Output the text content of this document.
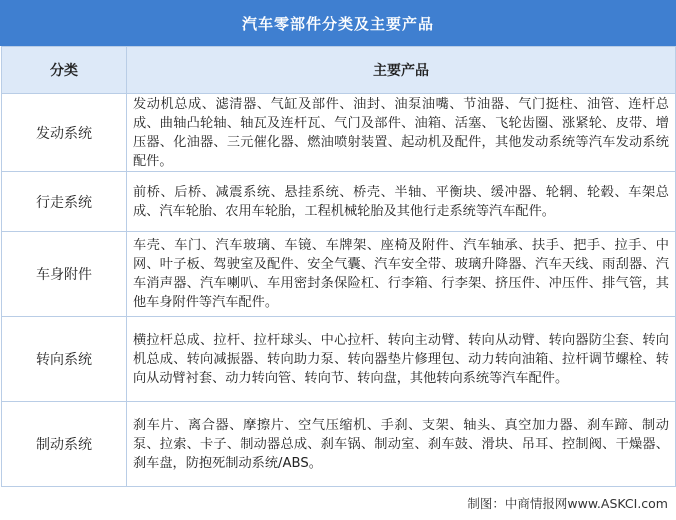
汽车零部件分类及主要产品
分类	主要产品
发动系统	发动机总成、滤清器、气缸及部件、油封、油泵油嘴、节油器、气门挺柱、油管、连杆总成、曲轴凸轮轴、轴瓦及连杆瓦、气门及部件、油箱、活塞、飞轮齿圈、涨紧轮、皮带、增压器、化油器、三元催化器、燃油喷射装置、起动机及配件，其他发动系统等汽车发动系统配件。
行走系统	前桥、后桥、减震系统、悬挂系统、桥壳、半轴、平衡块、缓冲器、轮辋、轮毂、车架总成、汽车轮胎、农用车轮胎，工程机械轮胎及其他行走系统等汽车配件。
车身附件	车壳、车门、汽车玻璃、车镜、车牌架、座椅及附件、汽车轴承、扶手、把手、拉手、中网、叶子板、驾驶室及配件、安全气囊、汽车安全带、玻璃升降器、汽车天线、雨刮器、汽车消声器、汽车喇叭、车用密封条保险杠、行李箱、行李架、挤压件、冲压件、排气管，其他车身附件等汽车配件。
转向系统	横拉杆总成、拉杆、拉杆球头、中心拉杆、转向主动臂、转向从动臂、转向器防尘套、转向机总成、转向减振器、转向助力泵、转向器垫片修理包、动力转向油箱、拉杆调节螺栓、转向从动臂衬套、动力转向管、转向节、转向盘，其他转向系统等汽车配件。
制动系统	刹车片、离合器、摩擦片、空气压缩机、手刹、支架、轴头、真空加力器、刹车蹄、制动泵、拉索、卡子、制动器总成、刹车锅、制动室、刹车鼓、滑块、吊耳、控制阀、干燥器、刹车盘，防抱死制动系统/ABS。
制图：中商情报网www.ASKCI.com
